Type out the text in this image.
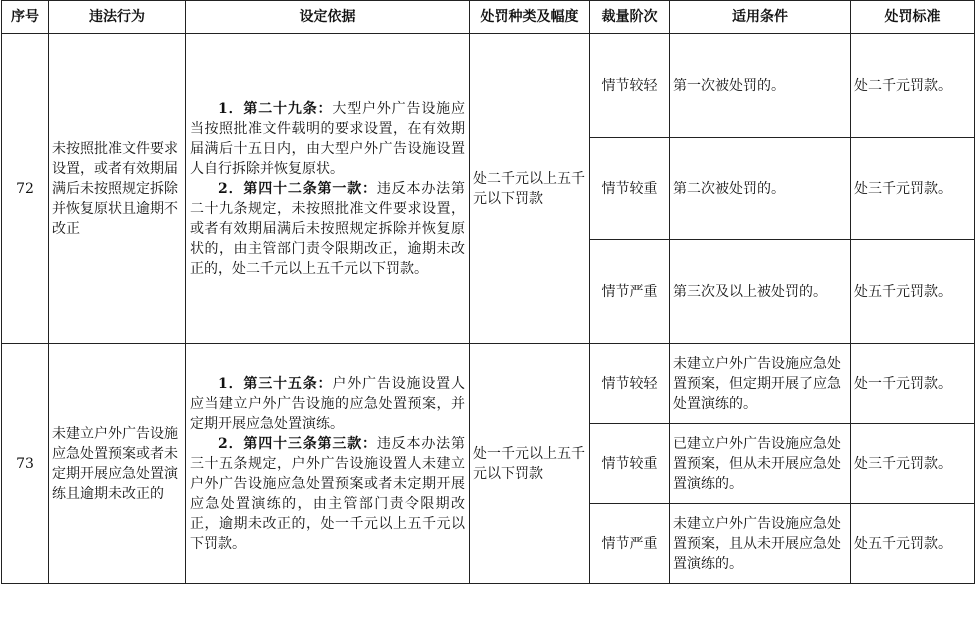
序号	违法行为	设定依据	处罚种类及幅度	裁量阶次	适用条件	处罚标准
72	未按照批准文件要求设置，或者有效期届满后未按照规定拆除并恢复原状且逾期不改正	1．第二十九条：大型户外广告设施应当按照批准文件载明的要求设置，在有效期届满后十五日内，由大型户外广告设施设置人自行拆除并恢复原状。

2．第四十二条第一款：违反本办法第二十九条规定，未按照批准文件要求设置，或者有效期届满后未按照规定拆除并恢复原状的，由主管部门责令限期改正，逾期未改正的，处二千元以上五千元以下罚款。	处二千元以上五千元以下罚款	情节较轻	第一次被处罚的。	处二千元罚款。
				情节较重	第二次被处罚的。	处三千元罚款。
				情节严重	第三次及以上被处罚的。	处五千元罚款。
73	未建立户外广告设施应急处置预案或者未定期开展应急处置演练且逾期未改正的	1．第三十五条：户外广告设施设置人应当建立户外广告设施的应急处置预案，并定期开展应急处置演练。

2．第四十三条第三款：违反本办法第三十五条规定，户外广告设施设置人未建立户外广告设施应急处置预案或者未定期开展应急处置演练的，由主管部门责令限期改正，逾期未改正的，处一千元以上五千元以下罚款。	处一千元以上五千元以下罚款	情节较轻	未建立户外广告设施应急处置预案，但定期开展了应急处置演练的。	处一千元罚款。
				情节较重	已建立户外广告设施应急处置预案，但从未开展应急处置演练的。	处三千元罚款。
				情节严重	未建立户外广告设施应急处置预案，且从未开展应急处置演练的。	处五千元罚款。
